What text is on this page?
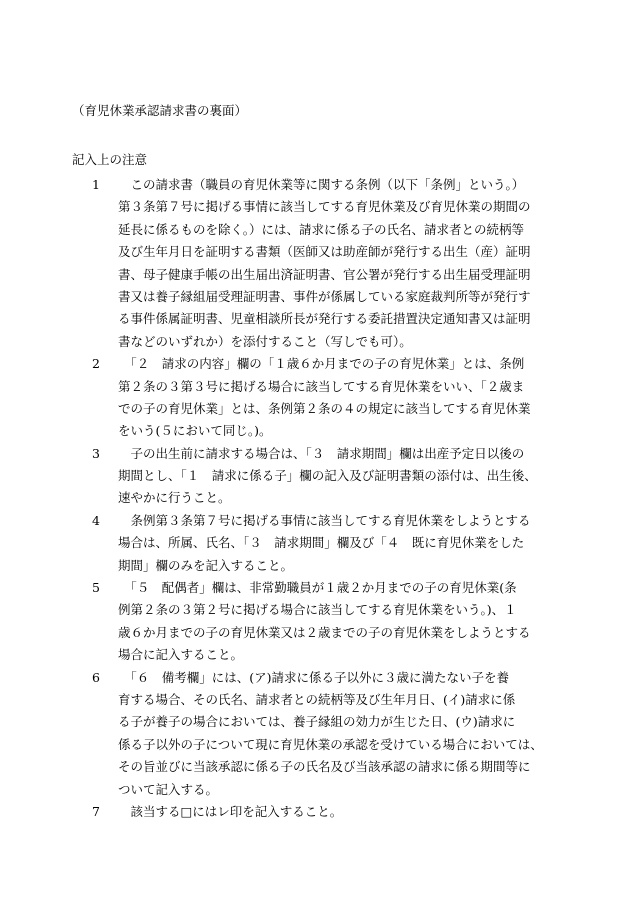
（育児休業承認請求書の裏面）
記入上の注意
1 　この請求書（職員の育児休業等に関する条例（以下「条例」という。）
第３条第７号に掲げる事情に該当してする育児休業及び育児休業の期間の
延長に係るものを除く。）には、請求に係る子の氏名、請求者との続柄等
及び生年月日を証明する書類（医師又は助産師が発行する出生（産）証明
書、母子健康手帳の出生届出済証明書、官公署が発行する出生届受理証明
書又は養子縁組届受理証明書、事件が係属している家庭裁判所等が発行す
る事件係属証明書、児童相談所長が発行する委託措置決定通知書又は証明
書などのいずれか）を添付すること（写しでも可）。
2 　「２　請求の内容」欄の「１歳６か月までの子の育児休業」とは、条例
第２条の３第３号に掲げる場合に該当してする育児休業をいい、「２歳ま
での子の育児休業」とは、条例第２条の４の規定に該当してする育児休業
をいう(５において同じ。)。
3 　子の出生前に請求する場合は、「３　請求期間」欄は出産予定日以後の
期間とし、「１　請求に係る子」欄の記入及び証明書類の添付は、出生後、
速やかに行うこと。
4 　条例第３条第７号に掲げる事情に該当してする育児休業をしようとする
場合は、所属、氏名、「３　請求期間」欄及び「４　既に育児休業をした
期間」欄のみを記入すること。
5 　「５　配偶者」欄は、非常勤職員が１歳２か月までの子の育児休業(条
例第２条の３第２号に掲げる場合に該当してする育児休業をいう。)、１
歳６か月までの子の育児休業又は２歳までの子の育児休業をしようとする
場合に記入すること。
6 　「６　備考欄」には、(ア)請求に係る子以外に３歳に満たない子を養
育する場合、その氏名、請求者との続柄等及び生年月日、(イ)請求に係
る子が養子の場合においては、養子縁組の効力が生じた日、(ウ)請求に
係る子以外の子について現に育児休業の承認を受けている場合においては、
その旨並びに当該承認に係る子の氏名及び当該承認の請求に係る期間等に
ついて記入する。
7 　該当する□にはレ印を記入すること。
